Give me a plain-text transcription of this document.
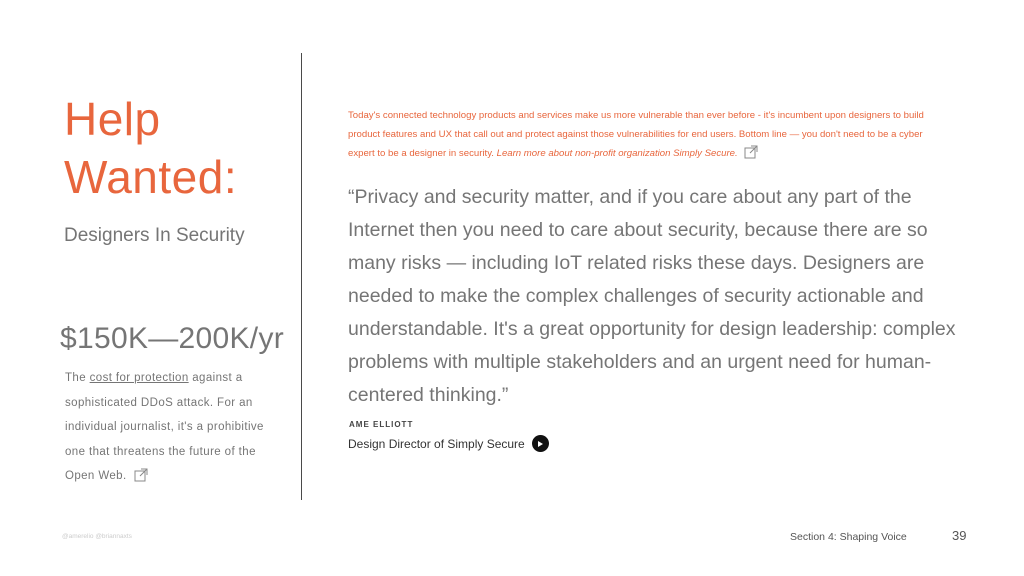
Help
Wanted:
Designers In Security
$150K—200K/yr
The cost for protection against a sophisticated DDoS attack. For an individual journalist, it's a prohibitive one that threatens the future of the Open Web.
Today's connected technology products and services make us more vulnerable than ever before - it's incumbent upon designers to build product features and UX that call out and protect against those vulnerabilities for end users. Bottom line — you don't need to be a cyber expert to be a designer in security. Learn more about non-profit organization Simply Secure.
“Privacy and security matter, and if you care about any part of the Internet then you need to care about security, because there are so many risks — including IoT related risks these days. Designers are needed to make the complex challenges of security actionable and understandable. It's a great opportunity for design leadership: complex problems with multiple stakeholders and an urgent need for human-centered thinking.”
AME ELLIOTT
Design Director of Simply Secure
@amerelio @briannaxts	Section 4: Shaping Voice	39
